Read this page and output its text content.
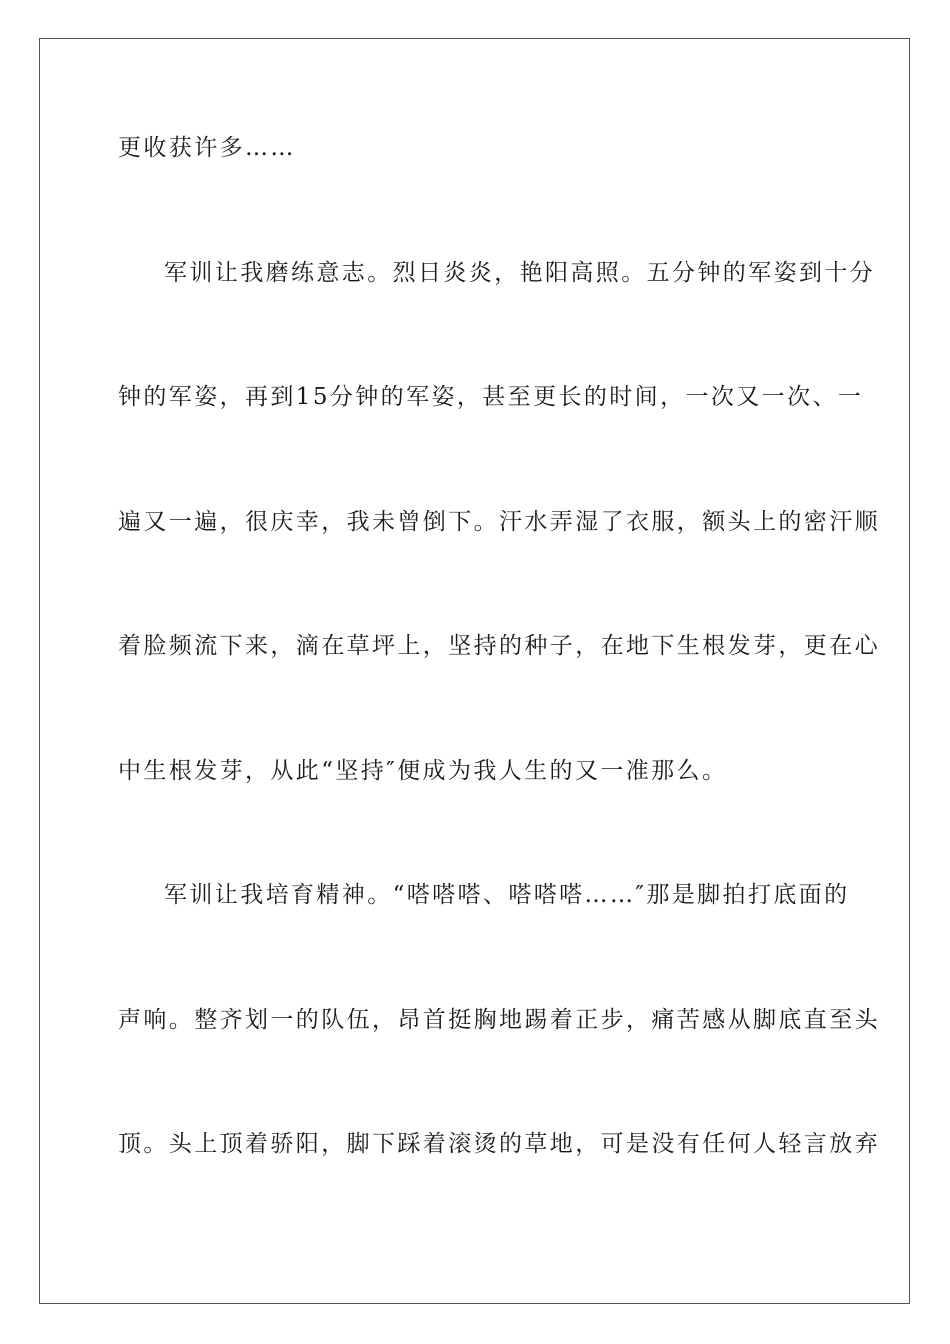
更收获许多……
军训让我磨练意志。烈日炎炎，艳阳高照。五分钟的军姿到十分
钟的军姿，再到15分钟的军姿，甚至更长的时间，一次又一次、一
遍又一遍，很庆幸，我未曾倒下。汗水弄湿了衣服，额头上的密汗顺
着脸频流下来，滴在草坪上，坚持的种子，在地下生根发芽，更在心
中生根发芽，从此“坚持″便成为我人生的又一准那么。
军训让我培育精神。“嗒嗒嗒、嗒嗒嗒……″那是脚拍打底面的
声响。整齐划一的队伍，昂首挺胸地踢着正步，痛苦感从脚底直至头
顶。头上顶着骄阳，脚下踩着滚烫的草地，可是没有任何人轻言放弃
